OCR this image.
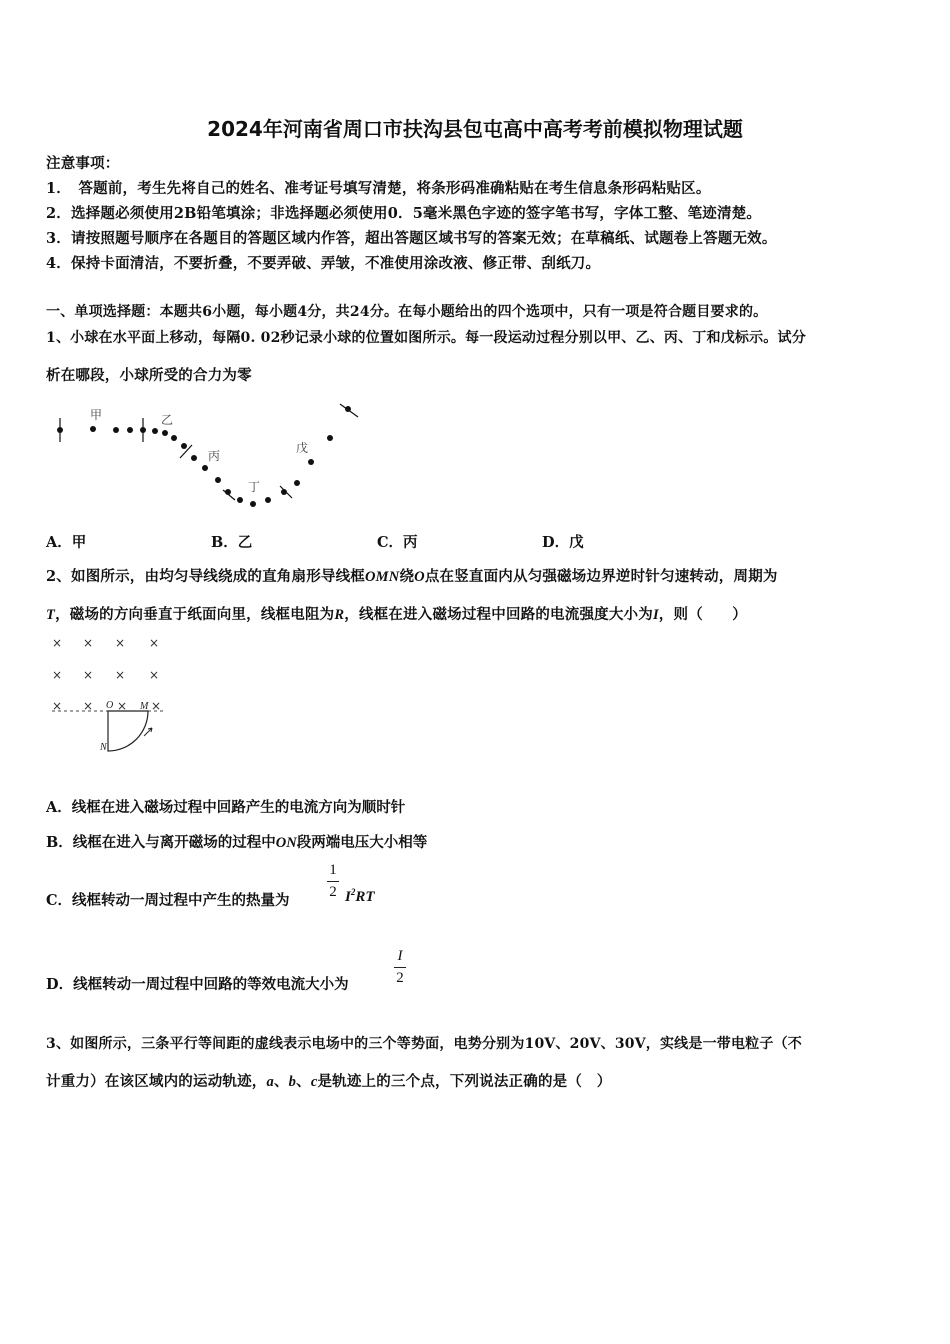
2024年河南省周口市扶沟县包屯高中高考考前模拟物理试题
注意事项：
1．　答题前，考生先将自己的姓名、准考证号填写清楚，将条形码准确粘贴在考生信息条形码粘贴区。
2．选择题必须使用2B铅笔填涂；非选择题必须使用0．5毫米黑色字迹的签字笔书写，字体工整、笔迹清楚。
3．请按照题号顺序在各题目的答题区域内作答，超出答题区域书写的答案无效；在草稿纸、试题卷上答题无效。
4．保持卡面清洁，不要折叠，不要弄破、弄皱，不准使用涂改液、修正带、刮纸刀。
一、单项选择题：本题共6小题，每小题4分，共24分。在每小题给出的四个选项中，只有一项是符合题目要求的。
1、小球在水平面上移动，每隔0. 02秒记录小球的位置如图所示。每一段运动过程分别以甲、乙、丙、丁和戊标示。试分
析在哪段，小球所受的合力为零
甲	乙
丙
丁
戊
A．甲	B．乙	C．丙	D．戊
2、如图所示，由均匀导线绕成的直角扇形导线框OMN绕O点在竖直面内从匀强磁场边界逆时针匀速转动，周期为
T，磁场的方向垂直于纸面向里，线框电阻为R，线框在进入磁场过程中回路的电流强度大小为I，则（　　）
× × × ×
× × × ×
× × × ×
O	M
N
A．线框在进入磁场过程中回路产生的电流方向为顺时针
B．线框在进入与离开磁场的过程中ON段两端电压大小相等
C．线框转动一周过程中产生的热量为
1
2 $I^2RT$
D．线框转动一周过程中回路的等效电流大小为
I
2
3、如图所示，三条平行等间距的虚线表示电场中的三个等势面，电势分别为10V、20V、30V，实线是一带电粒子（不
计重力）在该区域内的运动轨迹，a、b、c是轨迹上的三个点，下列说法正确的是（　）
